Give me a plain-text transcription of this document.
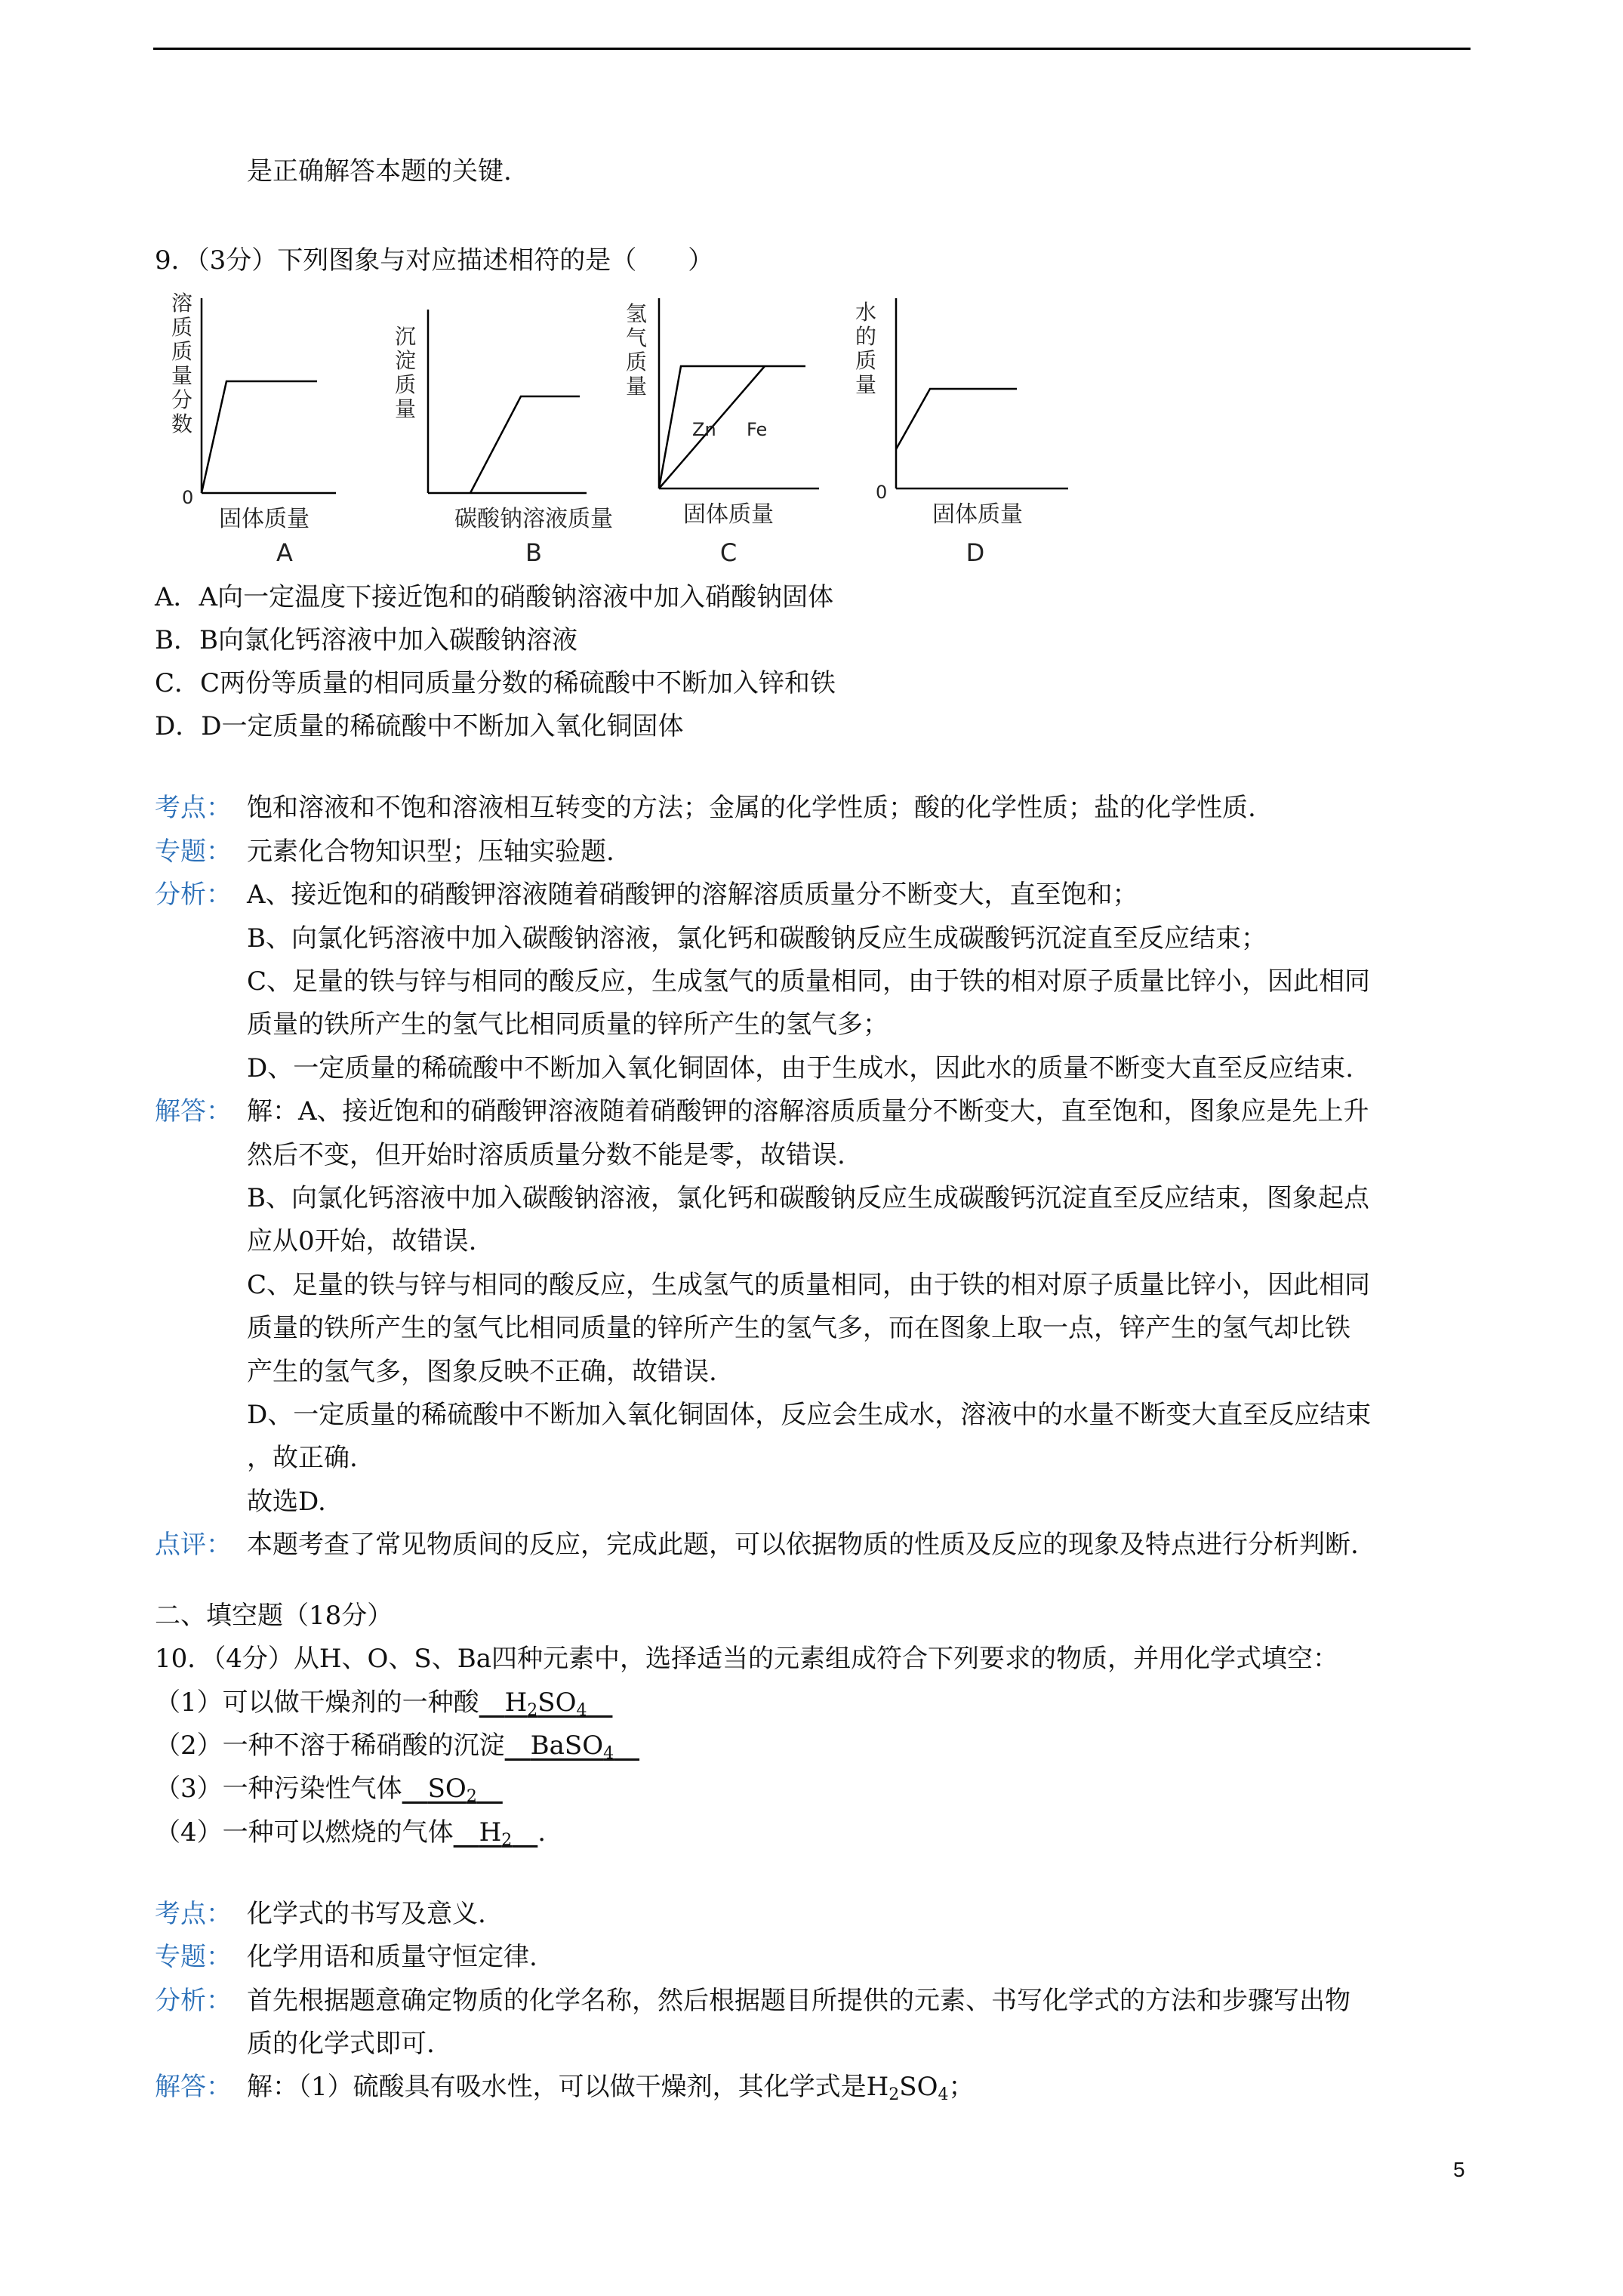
是正确解答本题的关键.
9．（3分）下列图象与对应描述相符的是（　　）
溶
质
质
量
分
数
0
固体质量
A
沉
淀
质
量
碳酸钠溶液质量
B
氢
气
质
量
Zn Fe
固体质量
C
水
的
质
量
0
固体质量
D
A．A向一定温度下接近饱和的硝酸钠溶液中加入硝酸钠固体
B．B向氯化钙溶液中加入碳酸钠溶液
C．C两份等质量的相同质量分数的稀硫酸中不断加入锌和铁
D．D一定质量的稀硫酸中不断加入氧化铜固体
考点： 饱和溶液和不饱和溶液相互转变的方法；金属的化学性质；酸的化学性质；盐的化学性质.
专题： 元素化合物知识型；压轴实验题.
分析： A、接近饱和的硝酸钾溶液随着硝酸钾的溶解溶质质量分不断变大，直至饱和；
B、向氯化钙溶液中加入碳酸钠溶液，氯化钙和碳酸钠反应生成碳酸钙沉淀直至反应结束；
C、足量的铁与锌与相同的酸反应，生成氢气的质量相同，由于铁的相对原子质量比锌小，因此相同
质量的铁所产生的氢气比相同质量的锌所产生的氢气多；
D、一定质量的稀硫酸中不断加入氧化铜固体，由于生成水，因此水的质量不断变大直至反应结束.
解答： 解：A、接近饱和的硝酸钾溶液随着硝酸钾的溶解溶质质量分不断变大，直至饱和，图象应是先上升
然后不变，但开始时溶质质量分数不能是零，故错误.
B、向氯化钙溶液中加入碳酸钠溶液，氯化钙和碳酸钠反应生成碳酸钙沉淀直至反应结束，图象起点
应从0开始，故错误.
C、足量的铁与锌与相同的酸反应，生成氢气的质量相同，由于铁的相对原子质量比锌小，因此相同
质量的铁所产生的氢气比相同质量的锌所产生的氢气多，而在图象上取一点，锌产生的氢气却比铁
产生的氢气多，图象反映不正确，故错误.
D、一定质量的稀硫酸中不断加入氧化铜固体，反应会生成水，溶液中的水量不断变大直至反应结束
，故正确.
故选D.
点评： 本题考查了常见物质间的反应，完成此题，可以依据物质的性质及反应的现象及特点进行分析判断.
二、填空题（18分）
10．（4分）从H、O、S、Ba四种元素中，选择适当的元素组成符合下列要求的物质，并用化学式填空：
（1）可以做干燥剂的一种酸　 $H_2SO_4$　
（2）一种不溶于稀硝酸的沉淀　 BaSO$_4$　
（3）一种污染性气体　 $SO_2$　
（4）一种可以燃烧的气体　 $H_2$　 .
考点： 化学式的书写及意义.
专题： 化学用语和质量守恒定律.
分析： 首先根据题意确定物质的化学名称，然后根据题目所提供的元素、书写化学式的方法和步骤写出物
质的化学式即可.
解答： 解：（1）硫酸具有吸水性，可以做干燥剂，其化学式是$H_2SO_4$；
5
